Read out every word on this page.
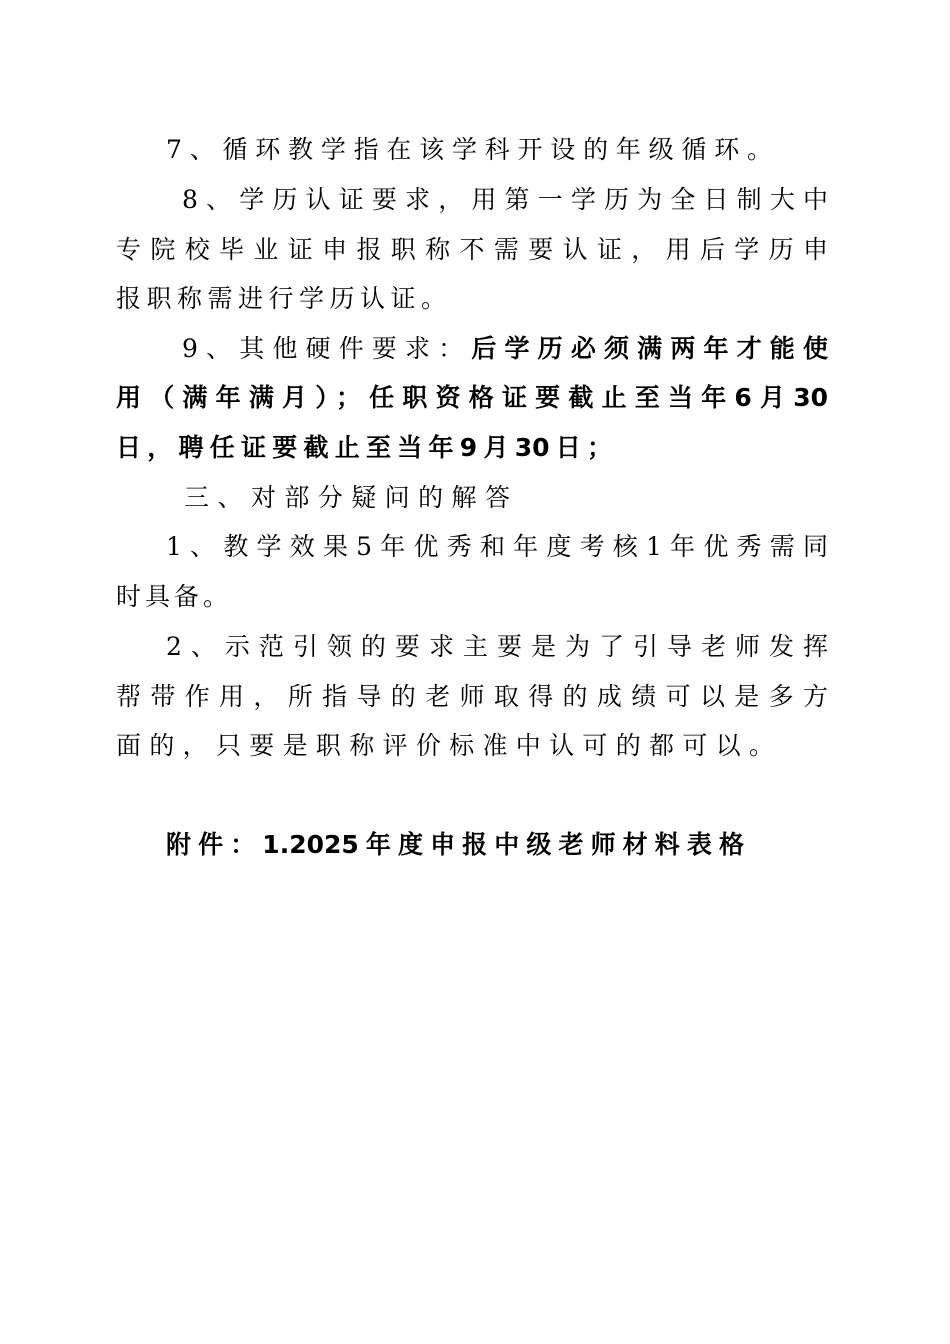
7、循环教学指在该学科开设的年级循环。
8、学历认证要求，用第一学历为全日制大中
专院校毕业证申报职称不需要认证，用后学历申
报职称需进行学历认证。
9、其他硬件要求：后学历必须满两年才能使
用（满年满月）；任职资格证要截止至当年6月30
日，聘任证要截止至当年9月30日；
三、对部分疑问的解答
1、教学效果5年优秀和年度考核1年优秀需同
时具备。
2、示范引领的要求主要是为了引导老师发挥
帮带作用，所指导的老师取得的成绩可以是多方
面的，只要是职称评价标准中认可的都可以。
附件：1.2025年度申报中级老师材料表格
